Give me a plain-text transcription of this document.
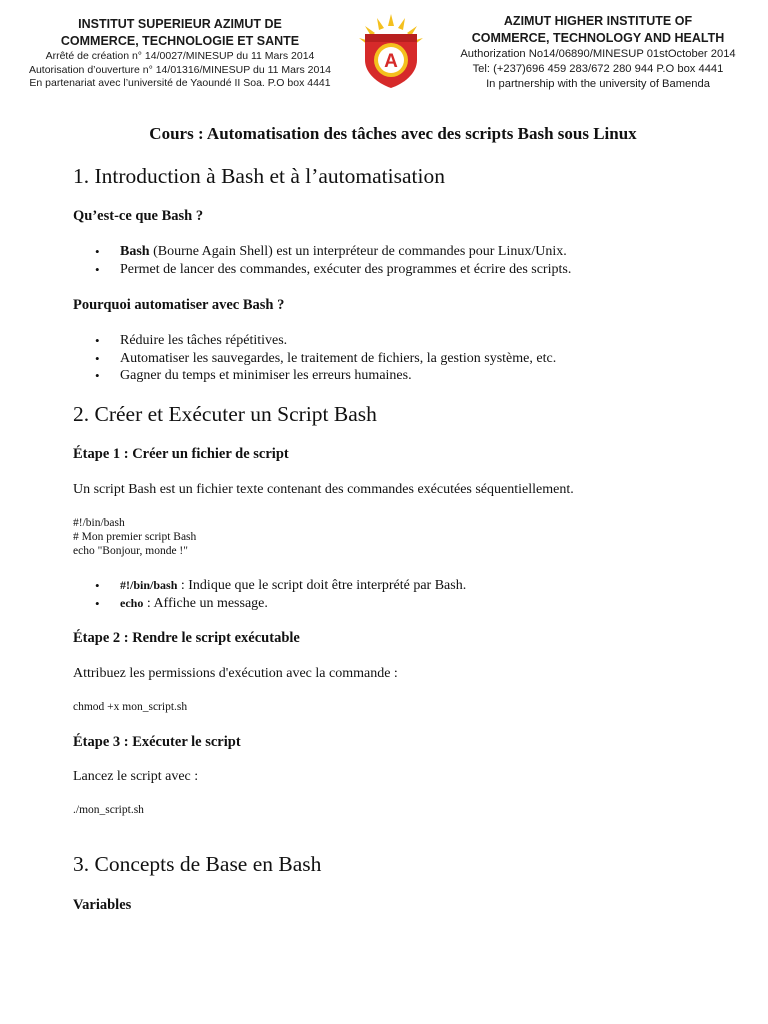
INSTITUT SUPERIEUR AZIMUT DE
COMMERCE, TECHNOLOGIE ET SANTE
Arrêté de création n° 14/0027/MINESUP du 11 Mars 2014
Autorisation d’ouverture n° 14/01316/MINESUP du 11 Mars 2014
En partenariat avec l’université de Yaoundé II Soa. P.O box 4441
A
AZIMUT HIGHER INSTITUTE OF
COMMERCE, TECHNOLOGY AND HEALTH
Authorization No14/06890/MINESUP 01stOctober 2014
Tel: (+237)696 459 283/672 280 944 P.O box 4441
In partnership with the university of Bamenda
Cours : Automatisation des tâches avec des scripts Bash sous Linux
1. Introduction à Bash et à l’automatisation
Qu’est-ce que Bash ?
• Bash (Bourne Again Shell) est un interpréteur de commandes pour Linux/Unix.
• Permet de lancer des commandes, exécuter des programmes et écrire des scripts.
Pourquoi automatiser avec Bash ?
• Réduire les tâches répétitives.
• Automatiser les sauvegardes, le traitement de fichiers, la gestion système, etc.
• Gagner du temps et minimiser les erreurs humaines.
2. Créer et Exécuter un Script Bash
Étape 1 : Créer un fichier de script
Un script Bash est un fichier texte contenant des commandes exécutées séquentiellement.
#!/bin/bash
# Mon premier script Bash
echo "Bonjour, monde !"
• #!/bin/bash : Indique que le script doit être interprété par Bash.
• echo : Affiche un message.
Étape 2 : Rendre le script exécutable
Attribuez les permissions d'exécution avec la commande :
chmod +x mon_script.sh
Étape 3 : Exécuter le script
Lancez le script avec :
./mon_script.sh
3. Concepts de Base en Bash
Variables
